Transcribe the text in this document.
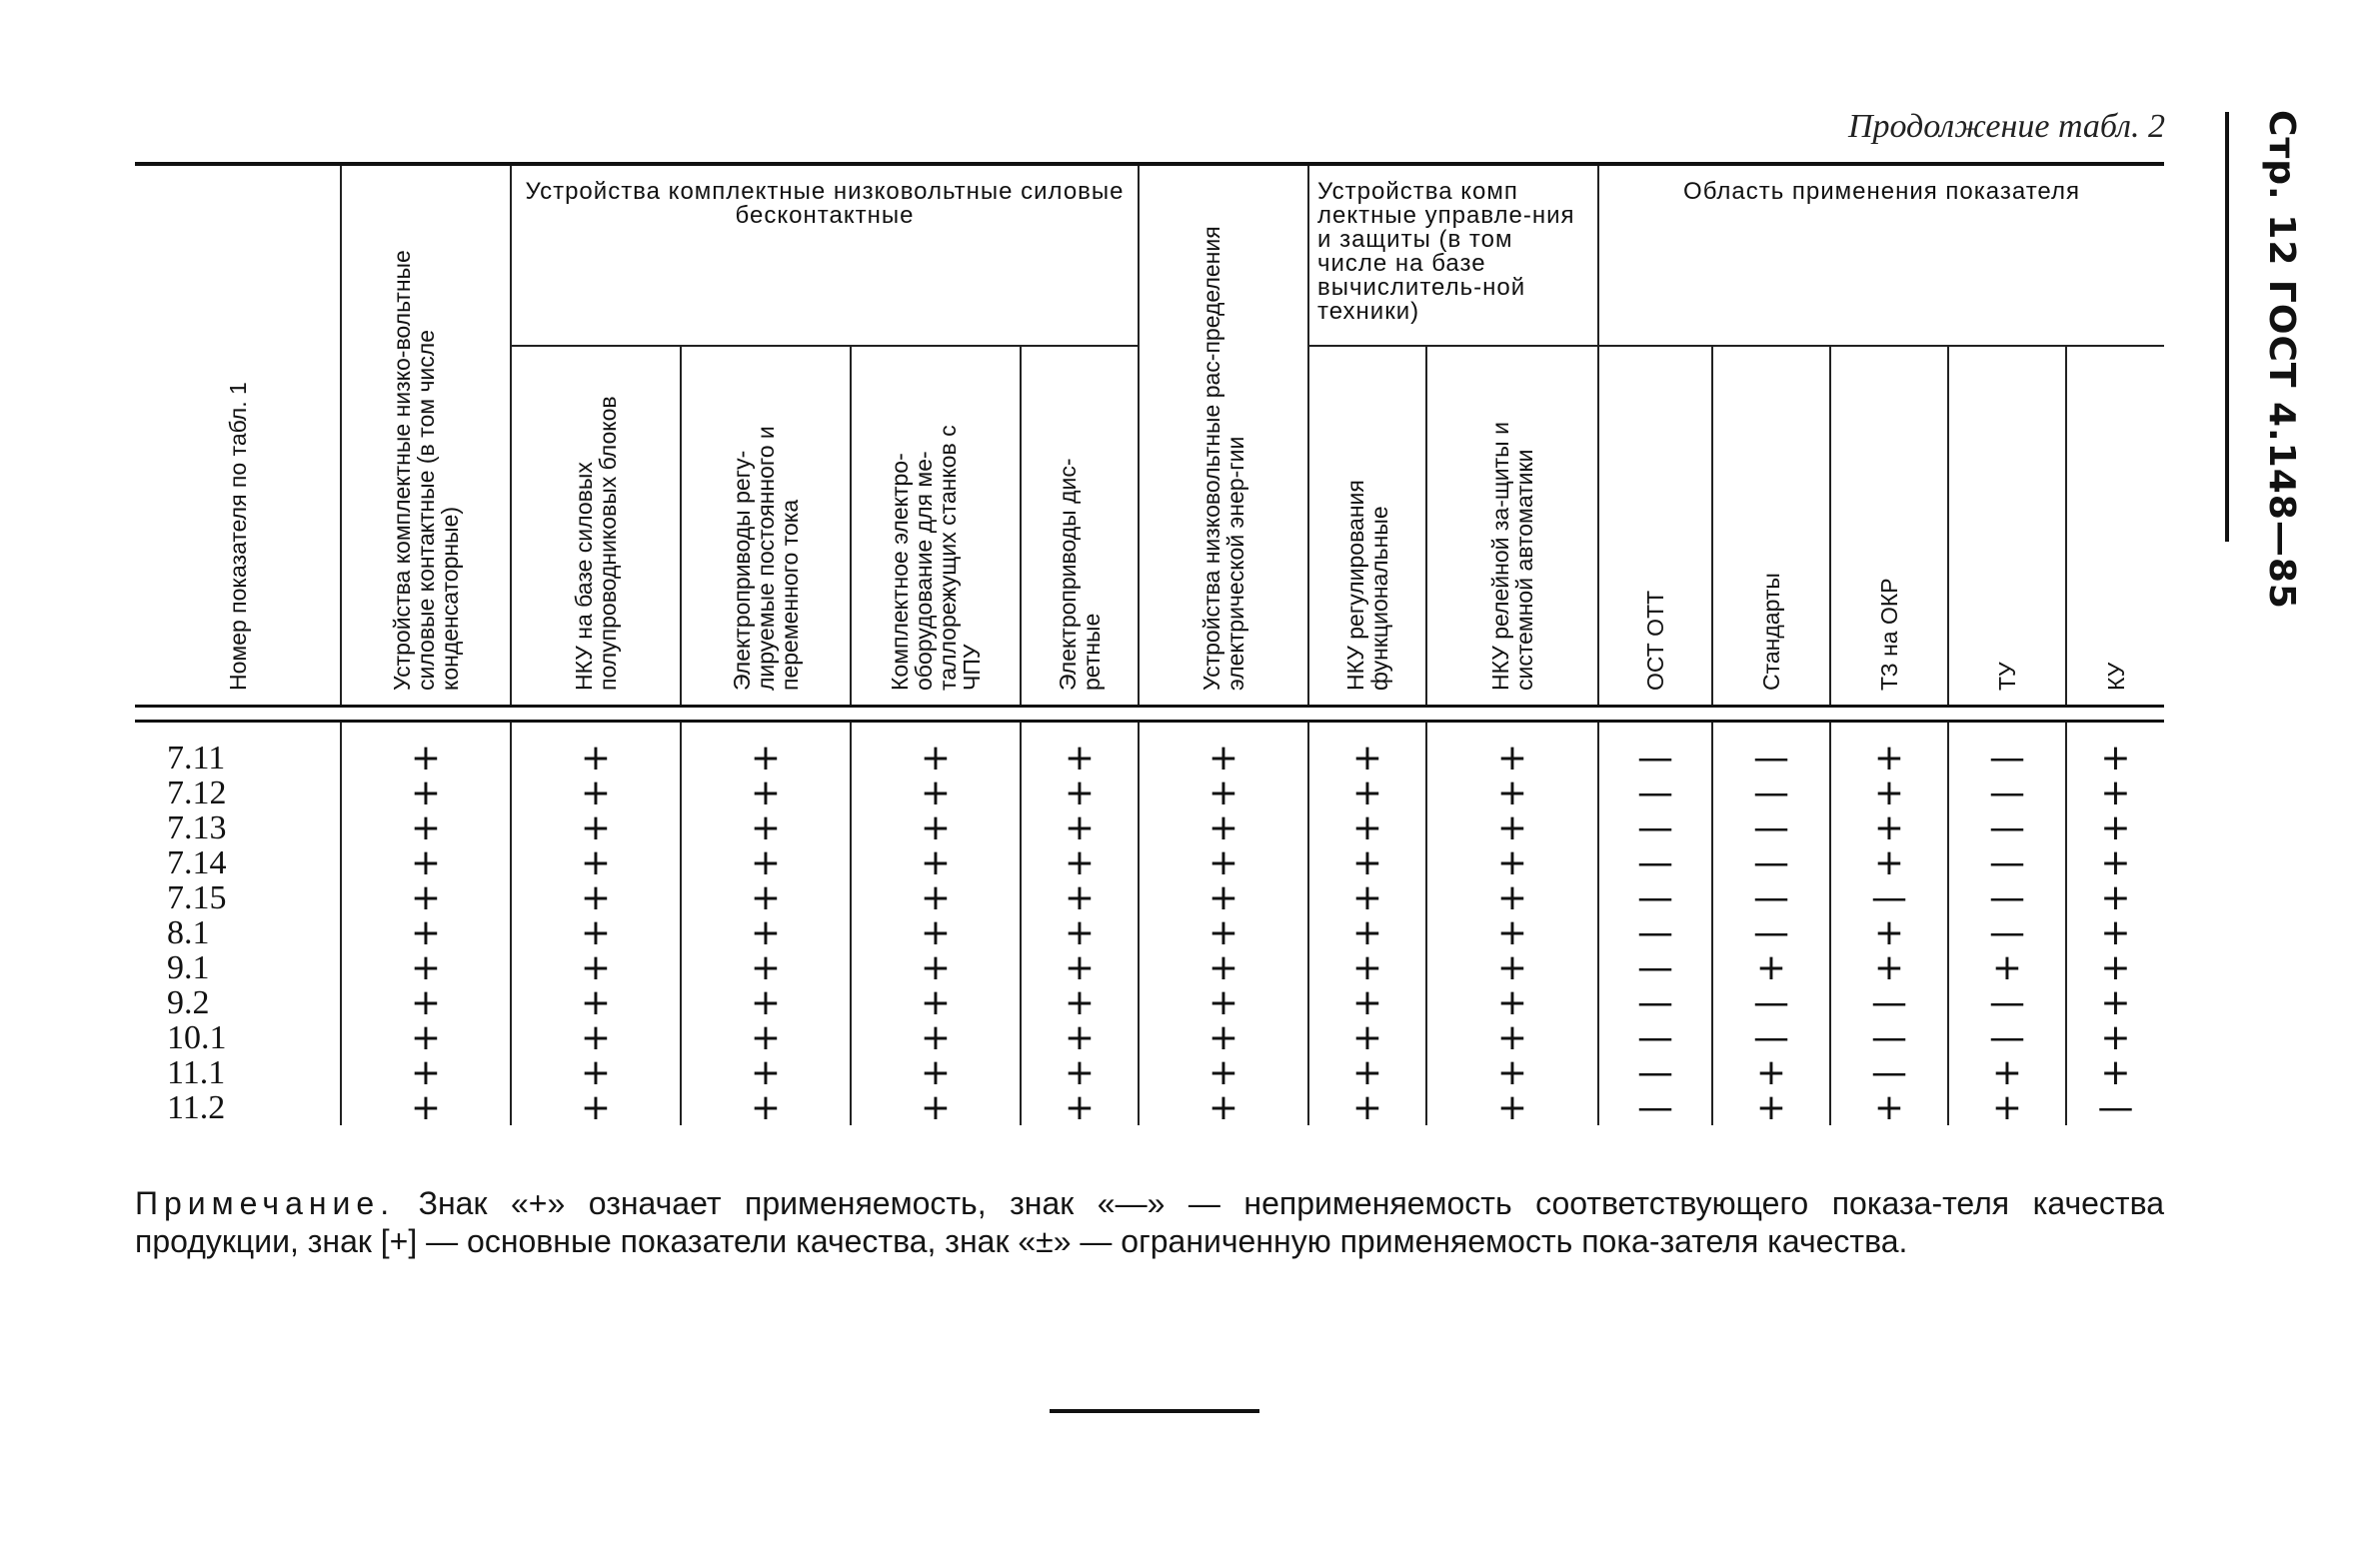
Стр. 12 ГОСТ 4.148—85
Продолжение табл. 2
Номер показателя по табл. 1	Устройства комплектные низко-вольтные силовые контактные (в том числе конденсаторные)	Устройства комплектные низковольтные силовые бесконтактные				Устройства низковольтные рас-пределения электрической энер-гии	Устройства комп лектные управле-ния и защиты (в том числе на базе вычислитель-ной техники)		Область применения показателя				

		НКУ на базе силовых полупроводниковых блоков	Электроприводы регу-лируемые постоянного и переменного тока	Комплектное электро-оборудование для ме-таллорежущих станков с ЧПУ	Электроприводы дис-ретные		НКУ регулирования функциональные	НКУ релейной за-щиты и системной автоматики	ОСТ ОТТ	Стандарты	ТЗ на ОКР	ТУ	КУ

7.11	+	+	+	+	+	+	+	+	—	—	+	—	+
7.12	+	+	+	+	+	+	+	+	—	—	+	—	+
7.13	+	+	+	+	+	+	+	+	—	—	+	—	+
7.14	+	+	+	+	+	+	+	+	—	—	+	—	+
7.15	+	+	+	+	+	+	+	+	—	—	—	—	+
8.1	+	+	+	+	+	+	+	+	—	—	+	—	+
9.1	+	+	+	+	+	+	+	+	—	+	+	+	+
9.2	+	+	+	+	+	+	+	+	—	—	—	—	+
10.1	+	+	+	+	+	+	+	+	—	—	—	—	+
11.1	+	+	+	+	+	+	+	+	—	+	—	+	+
11.2	+	+	+	+	+	+	+	+	—	+	+	+	—
Примечание. Знак «+» означает применяемость, знак «—» — неприменяемость соответствующего показа-теля качества продукции, знак [+] — основные показатели качества, знак «±» — ограниченную применяемость пока-зателя качества.
